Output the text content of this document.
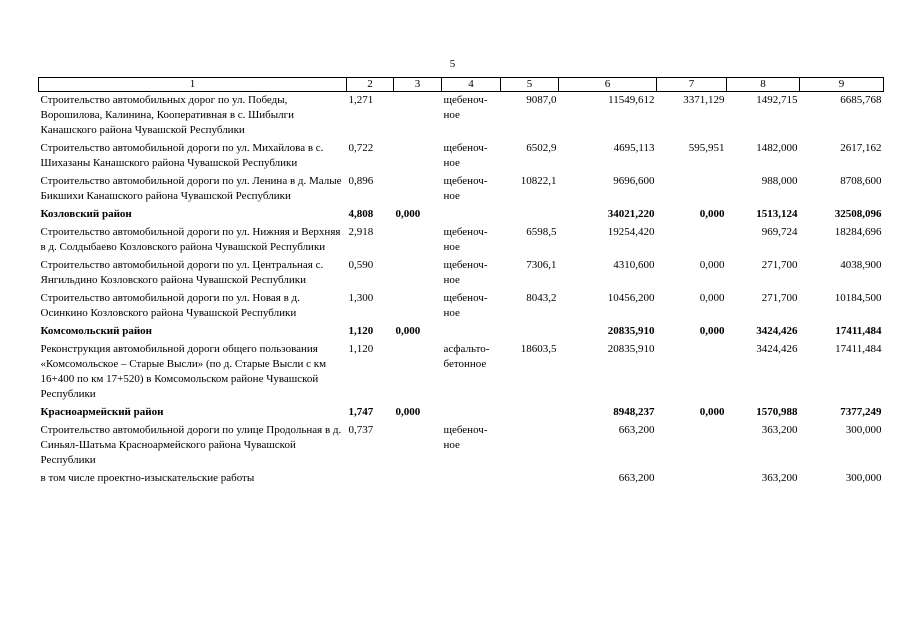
5
1	2	3	4	5	6	7	8	9
Строительство автомобильных дорог по ул. Победы, Ворошилова, Калинина, Кооперативная в с. Шибылги Канашского района Чувашской Республики	1,271		щебеноч-ное	9087,0	11549,612	3371,129	1492,715	6685,768
Строительство автомобильной дороги по ул. Михайлова в с. Шихазаны Канашского района Чувашской Республики	0,722		щебеноч-ное	6502,9	4695,113	595,951	1482,000	2617,162
Строительство автомобильной дороги по ул. Ленина в д. Малые Бикшихи Канашского района Чувашской Республики	0,896		щебеноч-ное	10822,1	9696,600		988,000	8708,600
Козловский район	4,808	0,000			34021,220	0,000	1513,124	32508,096
Строительство автомобильной дороги по ул. Нижняя и Верхняя в д. Солдыбаево Козловского района Чувашской Республики	2,918		щебеноч-ное	6598,5	19254,420		969,724	18284,696
Строительство автомобильной дороги по ул. Центральная с. Янгильдино Козловского района Чувашской Республики	0,590		щебеноч-ное	7306,1	4310,600	0,000	271,700	4038,900
Строительство автомобильной дороги по ул. Новая в д. Осинкино Козловского района Чувашской Республики	1,300		щебеноч-ное	8043,2	10456,200	0,000	271,700	10184,500
Комсомольский район	1,120	0,000			20835,910	0,000	3424,426	17411,484
Реконструкция автомобильной дороги общего пользования «Комсомольское – Старые Высли» (по д. Старые Высли с км 16+400 по км 17+520) в Комсомольском районе Чувашской Республики	1,120		асфальто-бетонное	18603,5	20835,910		3424,426	17411,484
Красноармейский район	1,747	0,000			8948,237	0,000	1570,988	7377,249
Строительство автомобильной дороги по улице Продольная в д. Синьял-Шатьма Красноармейского района Чувашской Республики	0,737		щебеноч-ное		663,200		363,200	300,000
в том числе проектно-изыскательские работы					663,200		363,200	300,000
